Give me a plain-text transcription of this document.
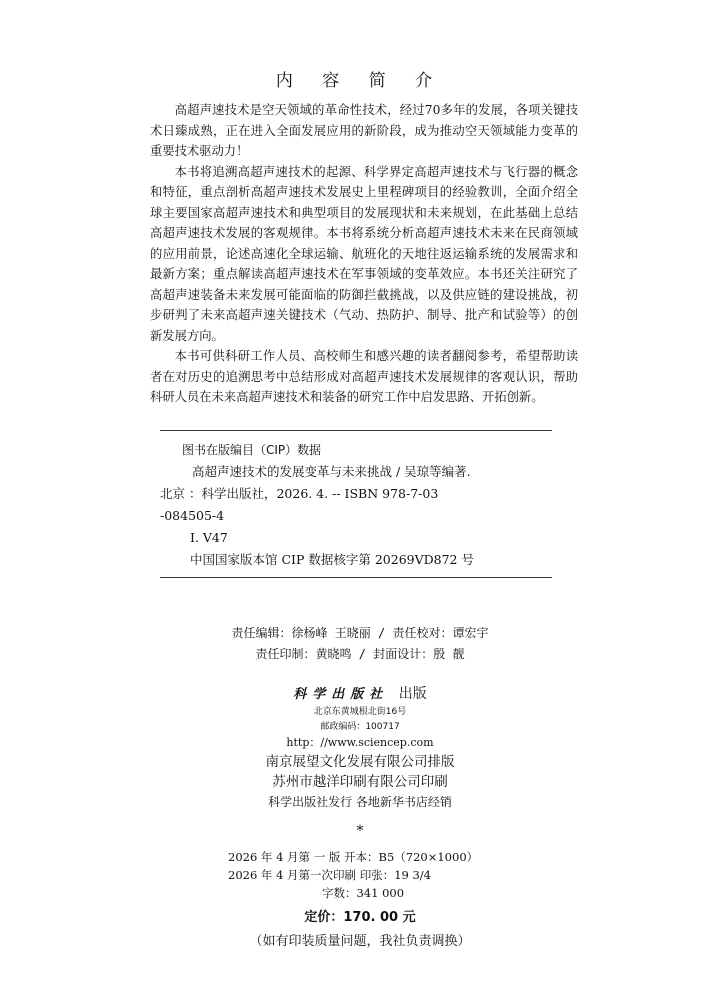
内 容 简 介

高超声速技术是空天领域的革命性技术，经过70多年的发展，各项关键技术日臻成熟，正在进入全面发展应用的新阶段，成为推动空天领域能力变革的重要技术驱动力！

本书将追溯高超声速技术的起源、科学界定高超声速技术与飞行器的概念和特征，重点剖析高超声速技术发展史上里程碑项目的经验教训，全面介绍全球主要国家高超声速技术和典型项目的发展现状和未来规划，在此基础上总结高超声速技术发展的客观规律。本书将系统分析高超声速技术未来在民商领域的应用前景，论述高速化全球运输、航班化的天地往返运输系统的发展需求和最新方案；重点解读高超声速技术在军事领域的变革效应。本书还关注研究了高超声速装备未来发展可能面临的防御拦截挑战，以及供应链的建设挑战，初步研判了未来高超声速关键技术（气动、热防护、制导、批产和试验等）的创新发展方向。

本书可供科研工作人员、高校师生和感兴趣的读者翻阅参考，希望帮助读者在对历史的追溯思考中总结形成对高超声速技术发展规律的客观认识，帮助科研人员在未来高超声速技术和装备的研究工作中启发思路、开拓创新。

图书在版编目（CIP）数据
高超声速技术的发展变革与未来挑战 / 吴琼等编著.
北京 ：科学出版社，2026. 4. -- ISBN 978-7-03
-084505-4
Ⅰ. V47
中国国家版本馆 CIP 数据核字第 20269VD872 号
责任编辑：徐杨峰 王晓丽 / 责任校对：谭宏宇
责任印制：黄晓鸣 / 封面设计：殷 靓
科学出版社 出版
北京东黄城根北街16号
邮政编码：100717
http：//www.sciencep.com
南京展望文化发展有限公司排版
苏州市越洋印刷有限公司印刷
科学出版社发行 各地新华书店经销
*
2026 年 4 月第 一 版 开本：B5（720×1000）
2026 年 4 月第一次印刷 印张：19 3/4
字数：341 000
定价：170. 00 元
（如有印装质量问题，我社负责调换）
